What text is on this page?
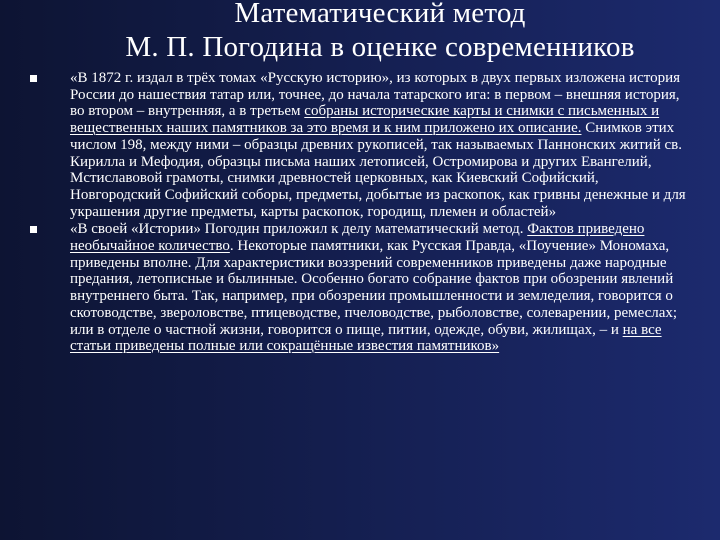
Математический метод
М. П. Погодина в оценке современников
«В 1872 г. издал в трёх томах «Русскую историю», из которых в двух первых изложена история России до нашествия татар или, точнее, до начала татарского ига: в первом – внешняя история, во втором – внутренняя, а в третьем собраны исторические карты и снимки с письменных и вещественных наших памятников за это время и к ним приложено их описание. Снимков этих числом 198, между ними – образцы древних рукописей, так называемых Паннонских житий св. Кирилла и Мефодия, образцы письма наших летописей, Остромирова и других Евангелий, Мстиславовой грамоты, снимки древностей церковных, как Киевский Софийский, Новгородский Софийский соборы, предметы, добытые из раскопок, как гривны денежные и для украшения другие предметы, карты раскопок, городищ, племен и областей»
«В своей «Истории» Погодин приложил к делу математический метод. Фактов приведено необычайное количество. Некоторые памятники, как Русская Правда, «Поучение» Мономаха, приведены вполне. Для характеристики воззрений современников приведены даже народные предания, летописные и былинные. Особенно богато собрание фактов при обозрении явлений внутреннего быта. Так, например, при обозрении промышленности и земледелия, говорится о скотоводстве, звероловстве, птицеводстве, пчеловодстве, рыболовстве, солеварении, ремеслах; или в отделе о частной жизни, говорится о пище, питии, одежде, обуви, жилищах, – и на все статьи приведены полные или сокращённые известия памятников»
